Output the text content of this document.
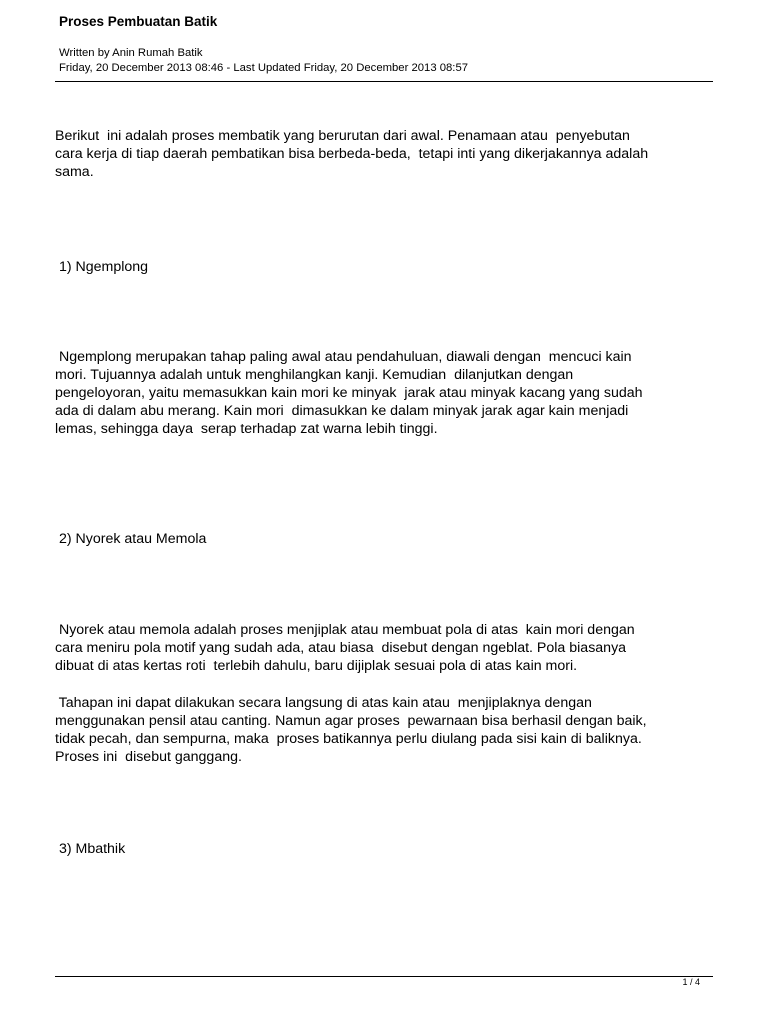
Proses Pembuatan Batik
Written by Anin Rumah Batik
Friday, 20 December 2013 08:46 - Last Updated Friday, 20 December 2013 08:57

Berikut  ini adalah proses membatik yang berurutan dari awal. Penamaan atau  penyebutan
cara kerja di tiap daerah pembatikan bisa berbeda-beda,  tetapi inti yang dikerjakannya adalah
sama.

1) Ngemplong

Ngemplong merupakan tahap paling awal atau pendahuluan, diawali dengan  mencuci kain
mori. Tujuannya adalah untuk menghilangkan kanji. Kemudian  dilanjutkan dengan
pengeloyoran, yaitu memasukkan kain mori ke minyak  jarak atau minyak kacang yang sudah
ada di dalam abu merang. Kain mori  dimasukkan ke dalam minyak jarak agar kain menjadi
lemas, sehingga daya  serap terhadap zat warna lebih tinggi.

2) Nyorek atau Memola

Nyorek atau memola adalah proses menjiplak atau membuat pola di atas  kain mori dengan
cara meniru pola motif yang sudah ada, atau biasa  disebut dengan ngeblat. Pola biasanya
dibuat di atas kertas roti  terlebih dahulu, baru dijiplak sesuai pola di atas kain mori.

Tahapan ini dapat dilakukan secara langsung di atas kain atau  menjiplaknya dengan
menggunakan pensil atau canting. Namun agar proses  pewarnaan bisa berhasil dengan baik,
tidak pecah, dan sempurna, maka  proses batikannya perlu diulang pada sisi kain di baliknya.
Proses ini  disebut ganggang.

3) Mbathik

1 / 4
